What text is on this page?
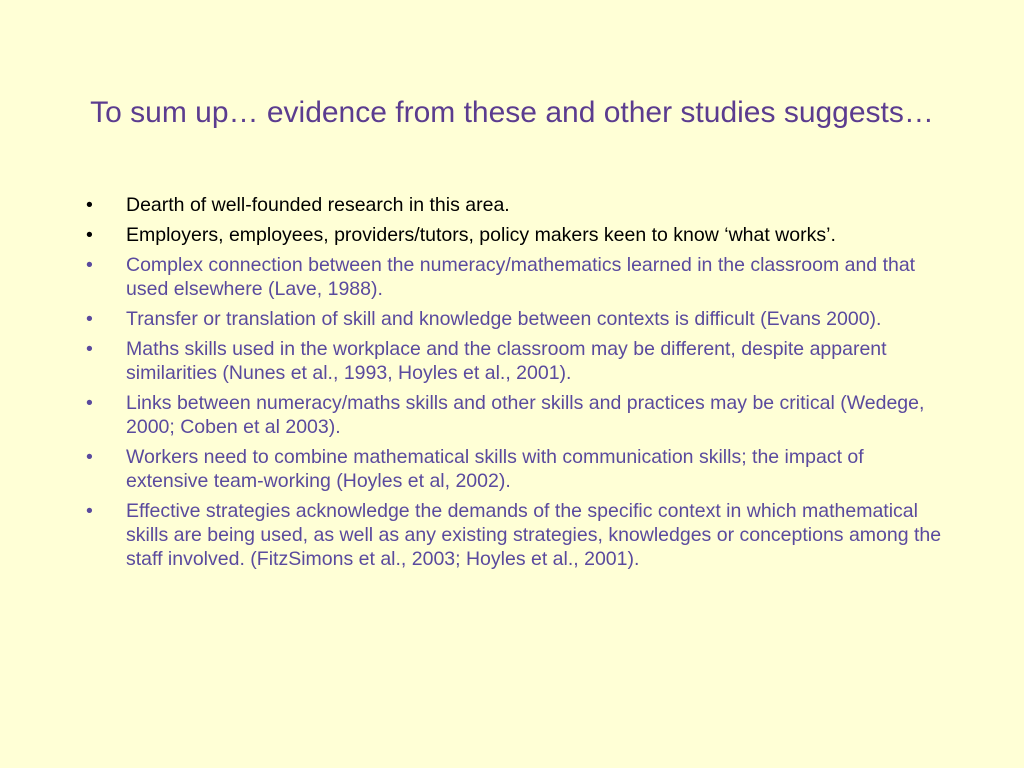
To sum up… evidence from these and other studies suggests…
•	Dearth of well-founded research in this area.
•	Employers, employees, providers/tutors, policy makers keen to know ‘what works’.
•	Complex connection between the numeracy/mathematics learned in the classroom and that used elsewhere (Lave, 1988).
•	Transfer or translation of skill and knowledge between contexts is difficult (Evans 2000).
•	Maths skills used in the workplace and the classroom may be different, despite apparent similarities (Nunes et al., 1993, Hoyles et al., 2001).
•	Links between numeracy/maths skills and other skills and practices may be critical (Wedege, 2000; Coben et al 2003).
•	Workers need to combine mathematical skills with communication skills; the impact of extensive team-working (Hoyles et al, 2002).
•	Effective strategies acknowledge the demands of the specific context in which mathematical skills are being used, as well as any existing strategies, knowledges or conceptions among the staff involved. (FitzSimons et al., 2003; Hoyles et al., 2001).
